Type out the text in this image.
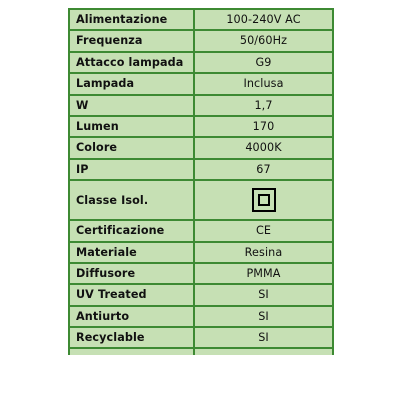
Alimentazione	100-240V AC
Frequenza	50/60Hz
Attacco lampada	G9
Lampada	Inclusa
W	1,7
Lumen	170
Colore	4000K
IP	67
Classe Isol.	
Certificazione	CE
Materiale	Resina
Diffusore	PMMA
UV Treated	SI
Antiurto	SI
Recyclable	SI
